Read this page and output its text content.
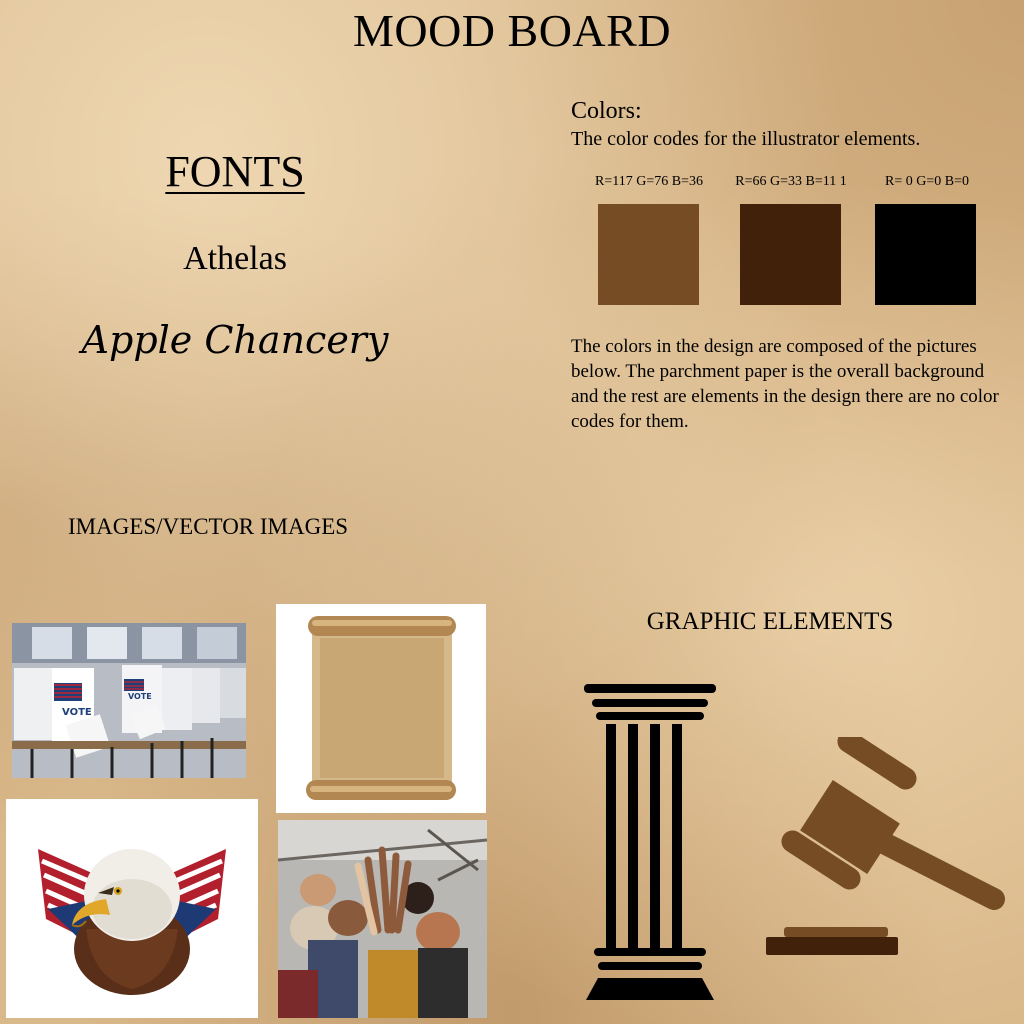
MOOD BOARD
FONTS
Athelas
Apple Chancery
Colors:
The color codes for the illustrator elements.
R=117 G=76 B=36	R=66 G=33 B=11 1	R= 0 G=0 B=0
The colors in the design are composed of the pictures below. The parchment paper is the overall background and the rest are elements in the design there are no color codes for them.
IMAGES/VECTOR IMAGES
GRAPHIC ELEMENTS
VOTE
VOTE
